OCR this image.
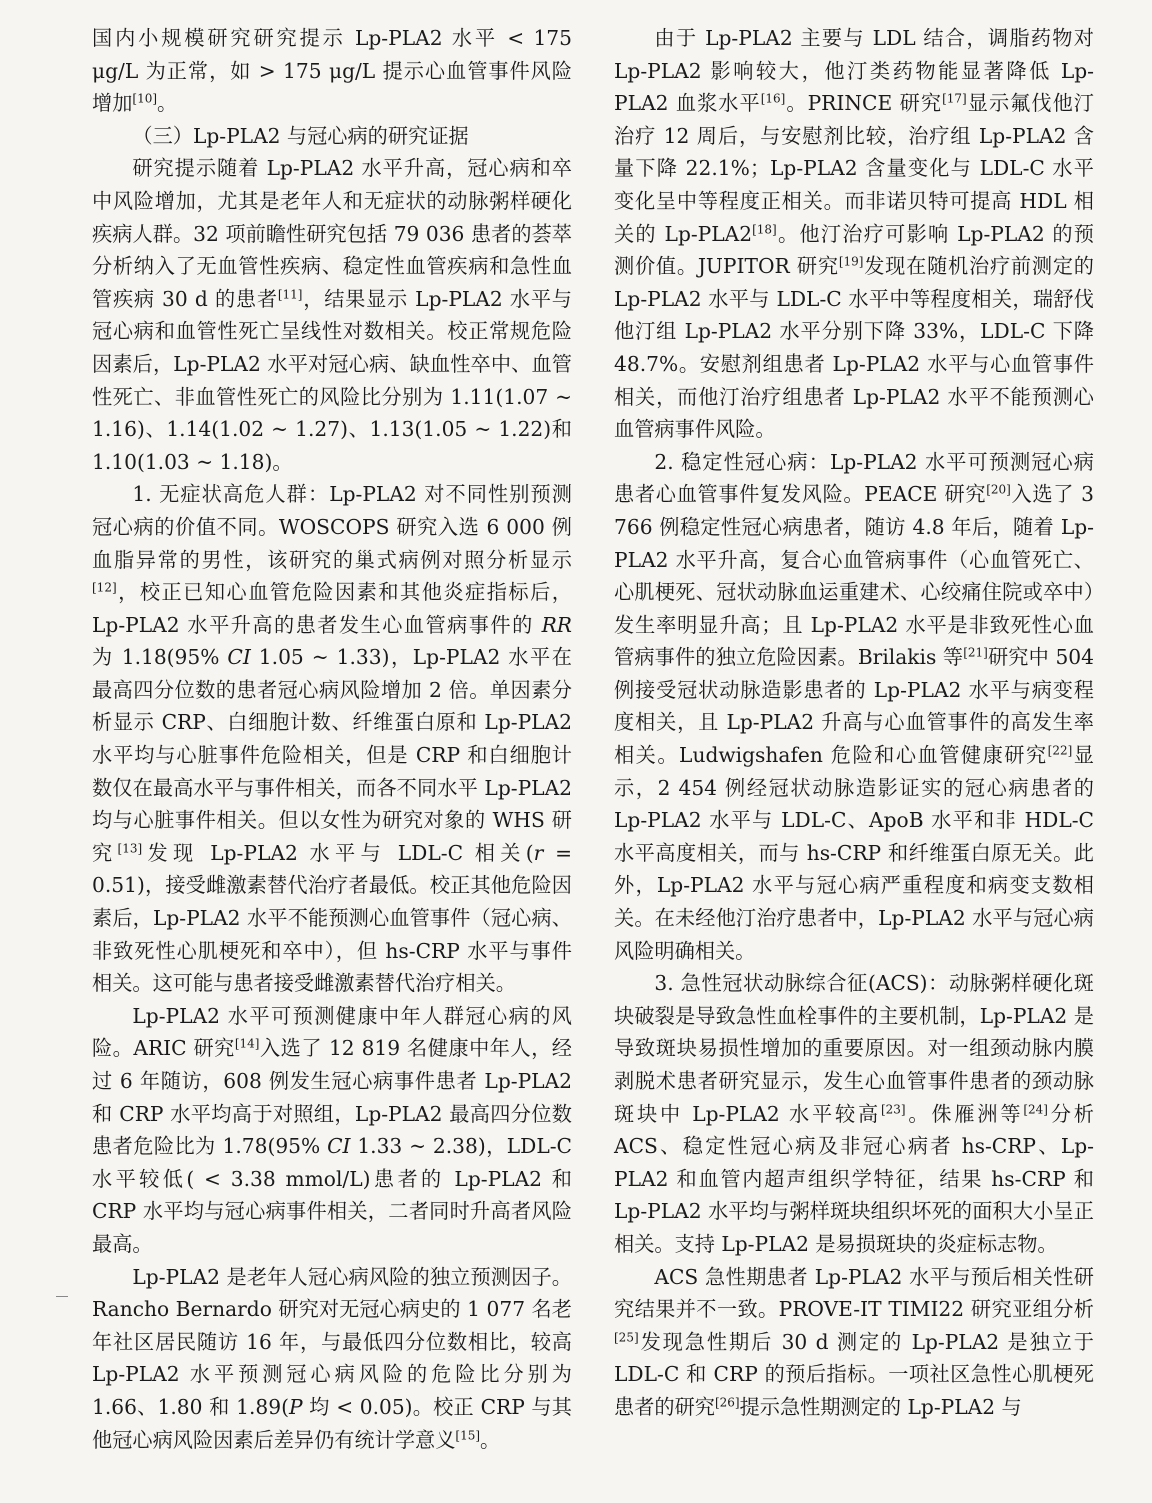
国内小规模研究研究提示 Lp-PLA2 水平 < 175 μg/L 为正常，如 > 175 μg/L 提示心血管事件风险增加[10]。

（三）Lp-PLA2 与冠心病的研究证据

研究提示随着 Lp-PLA2 水平升高，冠心病和卒中风险增加，尤其是老年人和无症状的动脉粥样硬化疾病人群。32 项前瞻性研究包括 79 036 患者的荟萃分析纳入了无血管性疾病、稳定性血管疾病和急性血管疾病 30 d 的患者[11]，结果显示 Lp-PLA2 水平与冠心病和血管性死亡呈线性对数相关。校正常规危险因素后，Lp-PLA2 水平对冠心病、缺血性卒中、血管性死亡、非血管性死亡的风险比分别为 1.11(1.07 ~ 1.16)、1.14(1.02 ~ 1.27)、1.13(1.05 ~ 1.22)和 1.10(1.03 ~ 1.18)。

1. 无症状高危人群：Lp-PLA2 对不同性别预测冠心病的价值不同。WOSCOPS 研究入选 6 000 例血脂异常的男性，该研究的巢式病例对照分析显示[12]，校正已知心血管危险因素和其他炎症指标后，Lp-PLA2 水平升高的患者发生心血管病事件的 RR 为 1.18(95% CI 1.05 ~ 1.33)，Lp-PLA2 水平在最高四分位数的患者冠心病风险增加 2 倍。单因素分析显示 CRP、白细胞计数、纤维蛋白原和 Lp-PLA2 水平均与心脏事件危险相关，但是 CRP 和白细胞计数仅在最高水平与事件相关，而各不同水平 Lp-PLA2 均与心脏事件相关。但以女性为研究对象的 WHS 研究[13]发现 Lp-PLA2 水平与 LDL-C 相关(r = 0.51)，接受雌激素替代治疗者最低。校正其他危险因素后，Lp-PLA2 水平不能预测心血管事件（冠心病、非致死性心肌梗死和卒中），但 hs-CRP 水平与事件相关。这可能与患者接受雌激素替代治疗相关。

Lp-PLA2 水平可预测健康中年人群冠心病的风险。ARIC 研究[14]入选了 12 819 名健康中年人，经过 6 年随访，608 例发生冠心病事件患者 Lp-PLA2 和 CRP 水平均高于对照组，Lp-PLA2 最高四分位数患者危险比为 1.78(95% CI 1.33 ~ 2.38)，LDL-C 水平较低( < 3.38 mmol/L)患者的 Lp-PLA2 和 CRP 水平均与冠心病事件相关，二者同时升高者风险最高。

Lp-PLA2 是老年人冠心病风险的独立预测因子。Rancho Bernardo 研究对无冠心病史的 1 077 名老年社区居民随访 16 年，与最低四分位数相比，较高 Lp-PLA2 水平预测冠心病风险的危险比分别为 1.66、1.80 和 1.89(P 均 < 0.05)。校正 CRP 与其他冠心病风险因素后差异仍有统计学意义[15]。

由于 Lp-PLA2 主要与 LDL 结合，调脂药物对 Lp-PLA2 影响较大，他汀类药物能显著降低 Lp-PLA2 血浆水平[16]。PRINCE 研究[17]显示氟伐他汀治疗 12 周后，与安慰剂比较，治疗组 Lp-PLA2 含量下降 22.1%；Lp-PLA2 含量变化与 LDL-C 水平变化呈中等程度正相关。而非诺贝特可提高 HDL 相关的 Lp-PLA2[18]。他汀治疗可影响 Lp-PLA2 的预测价值。JUPITOR 研究[19]发现在随机治疗前测定的 Lp-PLA2 水平与 LDL-C 水平中等程度相关，瑞舒伐他汀组 Lp-PLA2 水平分别下降 33%，LDL-C 下降 48.7%。安慰剂组患者 Lp-PLA2 水平与心血管事件相关，而他汀治疗组患者 Lp-PLA2 水平不能预测心血管病事件风险。

2. 稳定性冠心病：Lp-PLA2 水平可预测冠心病患者心血管事件复发风险。PEACE 研究[20]入选了 3 766 例稳定性冠心病患者，随访 4.8 年后，随着 Lp-PLA2 水平升高，复合心血管病事件（心血管死亡、心肌梗死、冠状动脉血运重建术、心绞痛住院或卒中）发生率明显升高；且 Lp-PLA2 水平是非致死性心血管病事件的独立危险因素。Brilakis 等[21]研究中 504 例接受冠状动脉造影患者的 Lp-PLA2 水平与病变程度相关，且 Lp-PLA2 升高与心血管事件的高发生率相关。Ludwigshafen 危险和心血管健康研究[22]显示，2 454 例经冠状动脉造影证实的冠心病患者的 Lp-PLA2 水平与 LDL-C、ApoB 水平和非 HDL-C 水平高度相关，而与 hs-CRP 和纤维蛋白原无关。此外，Lp-PLA2 水平与冠心病严重程度和病变支数相关。在未经他汀治疗患者中，Lp-PLA2 水平与冠心病风险明确相关。

3. 急性冠状动脉综合征(ACS)：动脉粥样硬化斑块破裂是导致急性血栓事件的主要机制，Lp-PLA2 是导致斑块易损性增加的重要原因。对一组颈动脉内膜剥脱术患者研究显示，发生心血管事件患者的颈动脉斑块中 Lp-PLA2 水平较高[23]。侏雁洲等[24]分析 ACS、稳定性冠心病及非冠心病者 hs-CRP、Lp-PLA2 和血管内超声组织学特征，结果 hs-CRP 和 Lp-PLA2 水平均与粥样斑块组织坏死的面积大小呈正相关。支持 Lp-PLA2 是易损斑块的炎症标志物。

ACS 急性期患者 Lp-PLA2 水平与预后相关性研究结果并不一致。PROVE-IT TIMI22 研究亚组分析[25]发现急性期后 30 d 测定的 Lp-PLA2 是独立于 LDL-C 和 CRP 的预后指标。一项社区急性心肌梗死患者的研究[26]提示急性期测定的 Lp-PLA2 与
